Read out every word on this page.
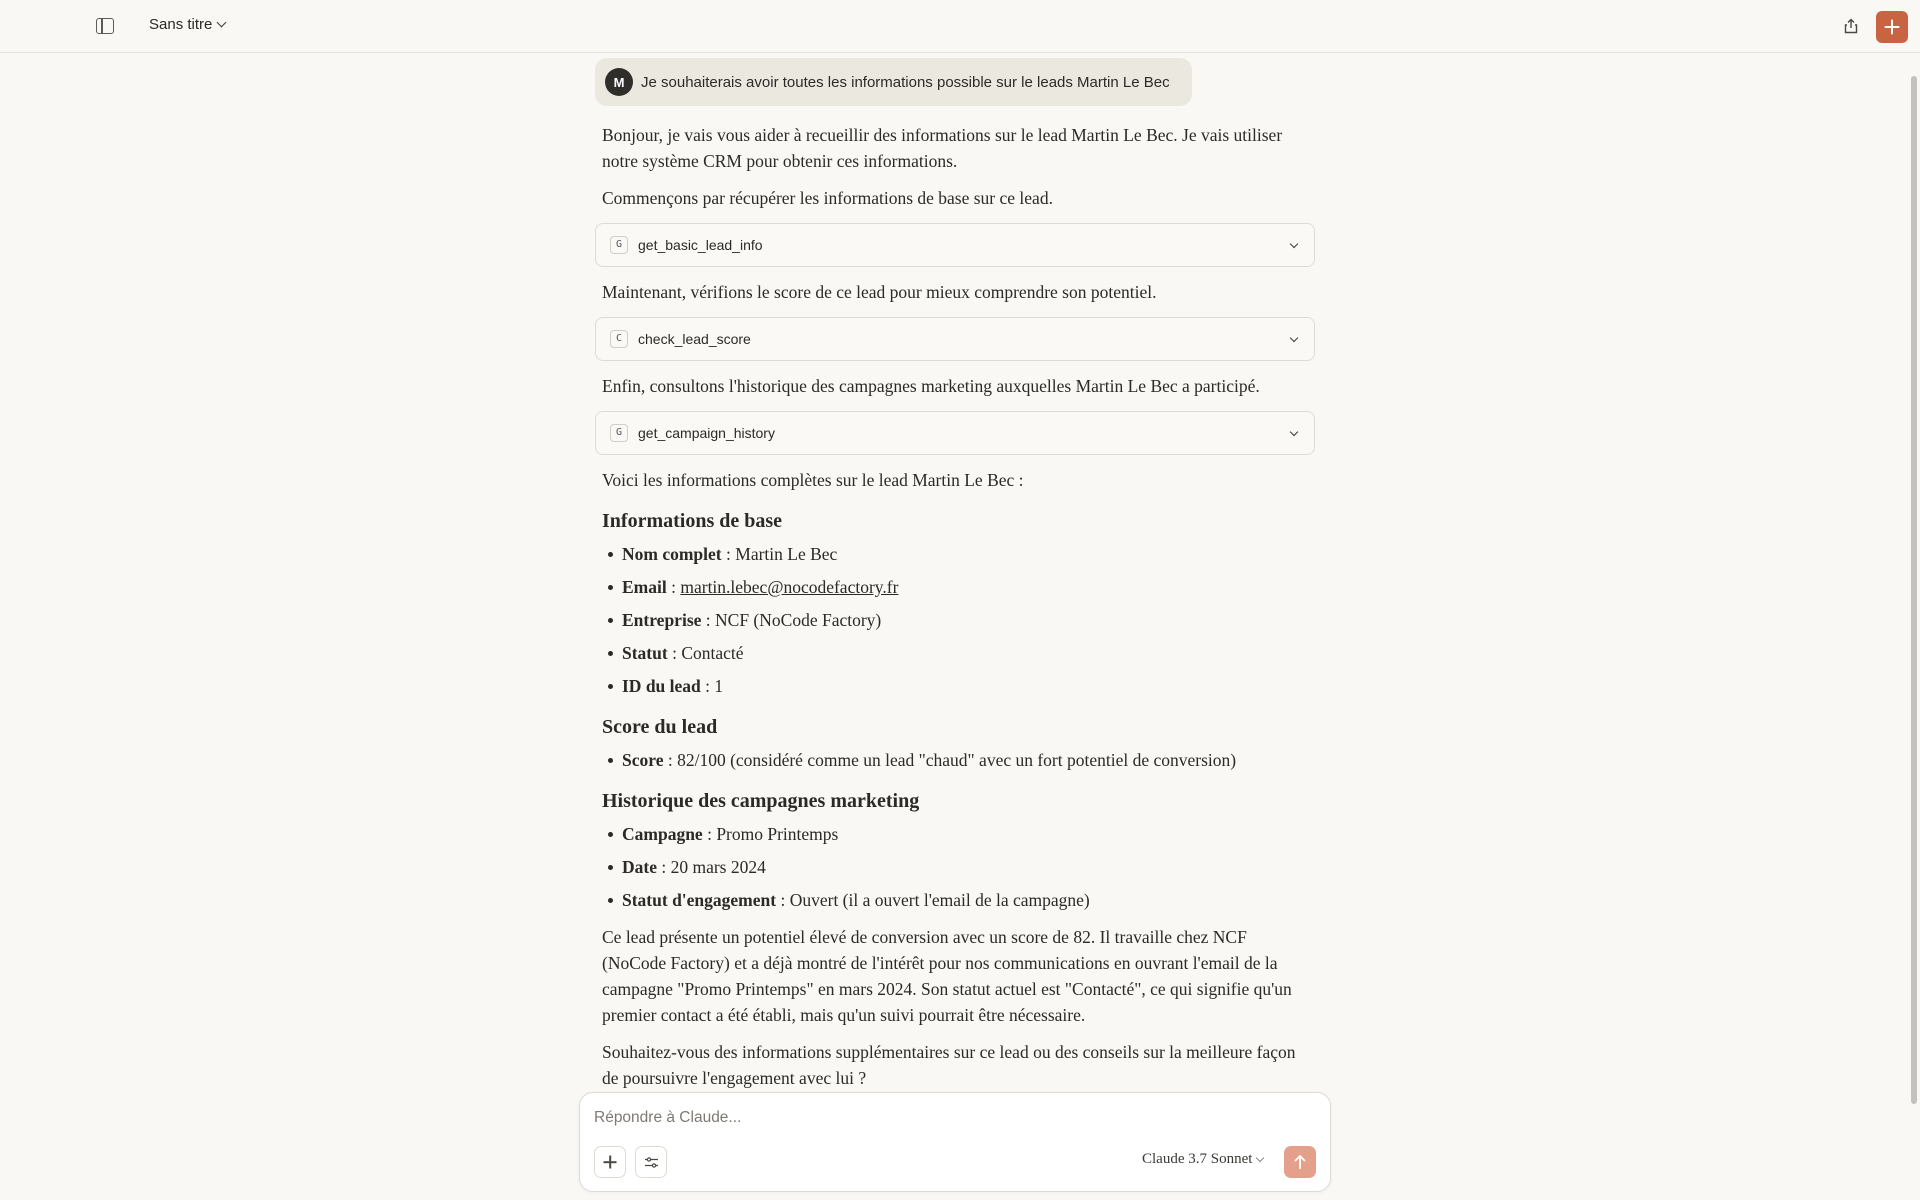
Sans titre
M	Je souhaiterais avoir toutes les informations possible sur le leads Martin Le Bec

Bonjour, je vais vous aider à recueillir des informations sur le lead Martin Le Bec. Je vais utiliser notre système CRM pour obtenir ces informations.

Commençons par récupérer les informations de base sur ce lead.

G	get_basic_lead_info

Maintenant, vérifions le score de ce lead pour mieux comprendre son potentiel.

C	check_lead_score

Enfin, consultons l'historique des campagnes marketing auxquelles Martin Le Bec a participé.

G	get_campaign_history

Voici les informations complètes sur le lead Martin Le Bec :

Informations de base
Nom complet : Martin Le Bec
Email : martin.lebec@nocodefactory.fr
Entreprise : NCF (NoCode Factory)
Statut : Contacté
ID du lead : 1
Score du lead
Score : 82/100 (considéré comme un lead "chaud" avec un fort potentiel de conversion)
Historique des campagnes marketing
Campagne : Promo Printemps
Date : 20 mars 2024
Statut d'engagement : Ouvert (il a ouvert l'email de la campagne)

Ce lead présente un potentiel élevé de conversion avec un score de 82. Il travaille chez NCF (NoCode Factory) et a déjà montré de l'intérêt pour nos communications en ouvrant l'email de la campagne "Promo Printemps" en mars 2024. Son statut actuel est "Contacté", ce qui signifie qu'un premier contact a été établi, mais qu'un suivi pourrait être nécessaire.

Souhaitez-vous des informations supplémentaires sur ce lead ou des conseils sur la meilleure façon de poursuivre l'engagement avec lui ?

Répondre à Claude...
Claude 3.7 Sonnet
